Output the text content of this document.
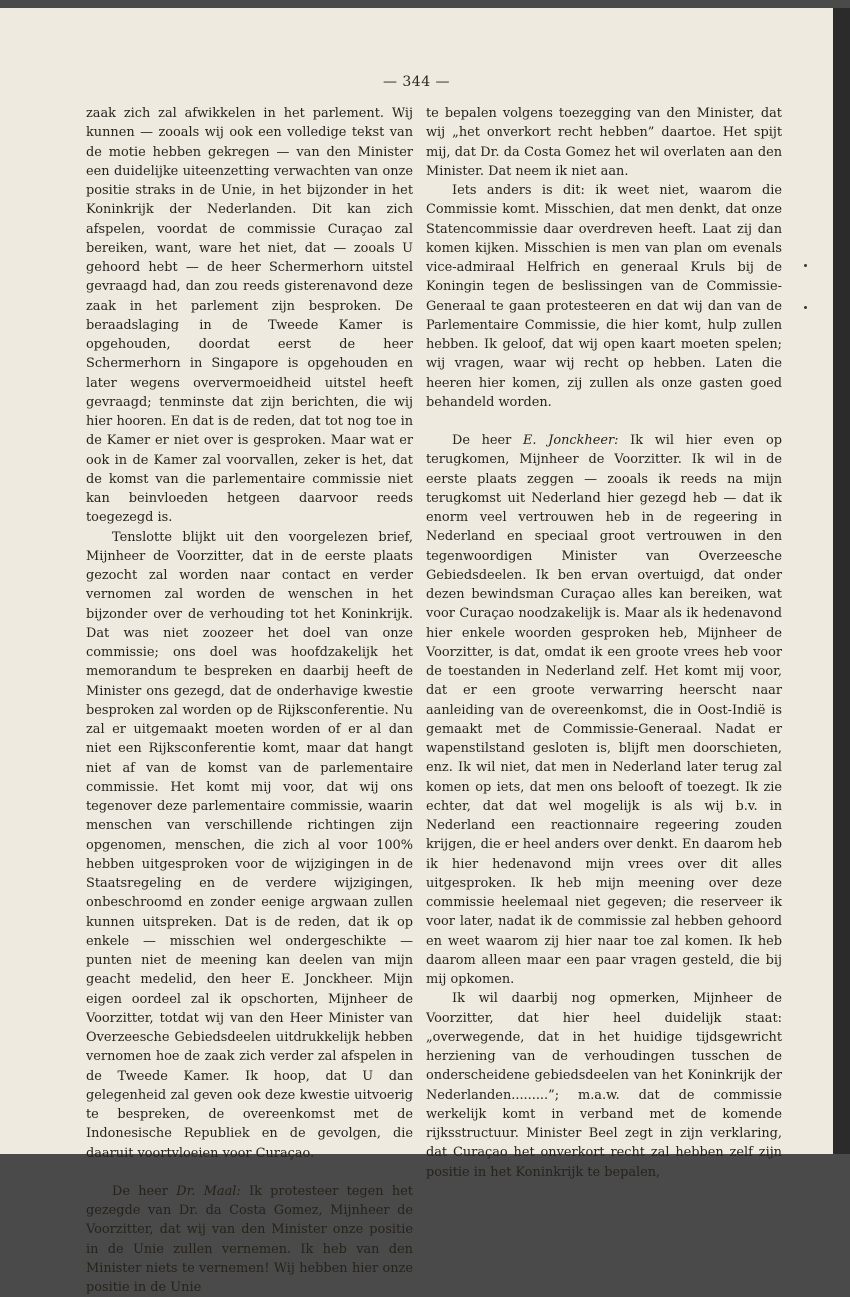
— 344 —

zaak zich zal afwikkelen in het parlement. Wij kunnen — zooals wij ook een volledige tekst van de motie hebben gekregen — van den Minister een duidelijke uiteenzetting verwachten van onze positie straks in de Unie, in het bijzonder in het Koninkrijk der Nederlanden. Dit kan zich afspelen, voordat de commissie Curaçao zal bereiken, want, ware het niet, dat — zooals U gehoord hebt — de heer Schermerhorn uitstel gevraagd had, dan zou reeds gisterenavond deze zaak in het parlement zijn besproken. De beraadslaging in de Tweede Kamer is opgehouden, doordat eerst de heer Schermerhorn in Singapore is opgehouden en later wegens oververmoeidheid uitstel heeft gevraagd; tenminste dat zijn berichten, die wij hier hooren. En dat is de reden, dat tot nog toe in de Kamer er niet over is gesproken. Maar wat er ook in de Kamer zal voorvallen, zeker is het, dat de komst van die parlementaire commissie niet kan beinvloeden hetgeen daarvoor reeds toegezegd is.

Tenslotte blijkt uit den voorgelezen brief, Mijnheer de Voorzitter, dat in de eerste plaats gezocht zal worden naar contact en verder vernomen zal worden de wenschen in het bijzonder over de verhouding tot het Koninkrijk. Dat was niet zoozeer het doel van onze commissie; ons doel was hoofdzakelijk het memorandum te bespreken en daarbij heeft de Minister ons gezegd, dat de onderhavige kwestie besproken zal worden op de Rijksconferentie. Nu zal er uitgemaakt moeten worden of er al dan niet een Rijksconferentie komt, maar dat hangt niet af van de komst van de parlementaire commissie. Het komt mij voor, dat wij ons tegenover deze parlementaire commissie, waarin menschen van verschillende richtingen zijn opgenomen, menschen, die zich al voor 100% hebben uitgesproken voor de wijzigingen in de Staatsregeling en de verdere wijzigingen, onbeschroomd en zonder eenige argwaan zullen kunnen uitspreken. Dat is de reden, dat ik op enkele — misschien wel ondergeschikte — punten niet de meening kan deelen van mijn geacht medelid, den heer E. Jonckheer. Mijn eigen oordeel zal ik opschorten, Mijnheer de Voorzitter, totdat wij van den Heer Minister van Overzeesche Gebiedsdeelen uitdrukkelijk hebben vernomen hoe de zaak zich verder zal afspelen in de Tweede Kamer. Ik hoop, dat U dan gelegenheid zal geven ook deze kwestie uitvoerig te bespreken, de overeenkomst met de Indonesische Republiek en de gevolgen, die daaruit voortvloeien voor Curaçao.

De heer Dr. Maal: Ik protesteer tegen het gezegde van Dr. da Costa Gomez, Mijnheer de Voorzitter, dat wij van den Minister onze positie in de Unie zullen vernemen. Ik heb van den Minister niets te vernemen! Wij hebben hier onze positie in de Unie

te bepalen volgens toezegging van den Minister, dat wij „het onverkort recht hebben” daartoe. Het spijt mij, dat Dr. da Costa Gomez het wil overlaten aan den Minister. Dat neem ik niet aan.

Iets anders is dit: ik weet niet, waarom die Commissie komt. Misschien, dat men denkt, dat onze Statencommissie daar overdreven heeft. Laat zij dan komen kijken. Misschien is men van plan om evenals vice-admiraal Helfrich en generaal Kruls bij de Koningin tegen de beslissingen van de Commissie-Generaal te gaan protesteeren en dat wij dan van de Parlementaire Commissie, die hier komt, hulp zullen hebben. Ik geloof, dat wij open kaart moeten spelen; wij vragen, waar wij recht op hebben. Laten die heeren hier komen, zij zullen als onze gasten goed behandeld worden.

De heer E. Jonckheer: Ik wil hier even op terugkomen, Mijnheer de Voorzitter. Ik wil in de eerste plaats zeggen — zooals ik reeds na mijn terugkomst uit Nederland hier gezegd heb — dat ik enorm veel vertrouwen heb in de regeering in Nederland en speciaal groot vertrouwen in den tegenwoordigen Minister van Overzeesche Gebiedsdeelen. Ik ben ervan overtuigd, dat onder dezen bewindsman Curaçao alles kan bereiken, wat voor Curaçao noodzakelijk is. Maar als ik hedenavond hier enkele woorden gesproken heb, Mijnheer de Voorzitter, is dat, omdat ik een groote vrees heb voor de toestanden in Nederland zelf. Het komt mij voor, dat er een groote verwarring heerscht naar aanleiding van de overeenkomst, die in Oost-Indië is gemaakt met de Commissie-Generaal. Nadat er wapenstilstand gesloten is, blijft men doorschieten, enz. Ik wil niet, dat men in Nederland later terug zal komen op iets, dat men ons belooft of toezegt. Ik zie echter, dat dat wel mogelijk is als wij b.v. in Nederland een reactionnaire regeering zouden krijgen, die er heel anders over denkt. En daarom heb ik hier hedenavond mijn vrees over dit alles uitgesproken. Ik heb mijn meening over deze commissie heelemaal niet gegeven; die reserveer ik voor later, nadat ik de commissie zal hebben gehoord en weet waarom zij hier naar toe zal komen. Ik heb daarom alleen maar een paar vragen gesteld, die bij mij opkomen.

Ik wil daarbij nog opmerken, Mijnheer de Voorzitter, dat hier heel duidelijk staat: „overwegende, dat in het huidige tijdsgewricht herziening van de verhoudingen tusschen de onderscheidene gebiedsdeelen van het Koninkrijk der Nederlanden.........”; m.a.w. dat de commissie werkelijk komt in verband met de komende rijksstructuur. Minister Beel zegt in zijn verklaring, dat Curaçao het onverkort recht zal hebben zelf zijn positie in het Koninkrijk te bepalen,
